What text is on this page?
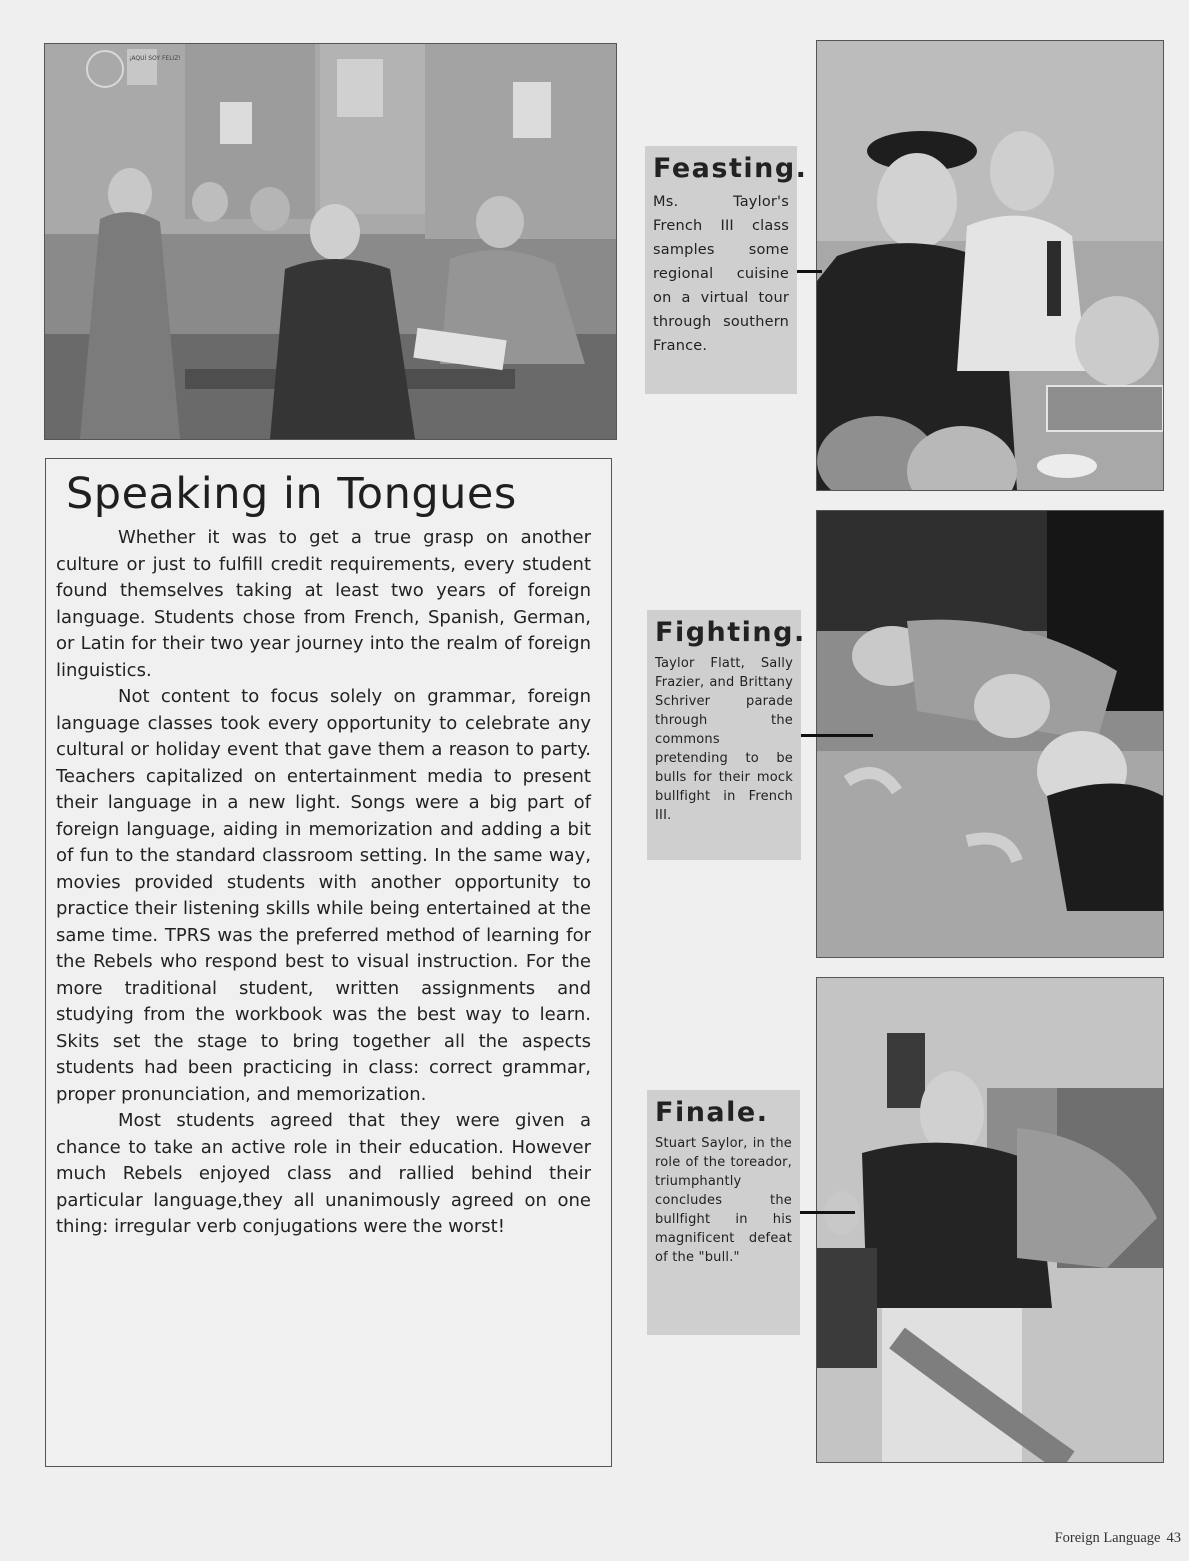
¡AQUÍ SOY FELIZ!
Speaking in Tongues

Whether it was to get a true grasp on another culture or just to fulfill credit requirements, every student found themselves taking at least two years of foreign language. Students chose from French, Spanish, German, or Latin for their two year journey into the realm of foreign linguistics.

Not content to focus solely on grammar, foreign language classes took every opportunity to celebrate any cultural or holiday event that gave them a reason to party. Teachers capitalized on entertainment media to present their language in a new light. Songs were a big part of foreign language, aiding in memorization and adding a bit of fun to the standard classroom setting. In the same way, movies provided students with another opportunity to practice their listening skills while being entertained at the same time. TPRS was the preferred method of learning for the Rebels who respond best to visual instruction. For the more traditional student, written assignments and studying from the workbook was the best way to learn. Skits set the stage to bring together all the aspects students had been practicing in class: correct grammar, proper pronunciation, and memorization.

Most students agreed that they were given a chance to take an active role in their education. However much Rebels enjoyed class and rallied behind their particular language,they all unanimously agreed on one thing: irregular verb conjugations were the worst!

Feasting.
Ms. Taylor's French III class samples some regional cuisine on a virtual tour through southern France.
Fighting.
Taylor Flatt, Sally Frazier, and Brittany Schriver parade through the commons pretending to be bulls for their mock bullfight in French III.
Finale.
Stuart Saylor, in the role of the toreador, triumphantly concludes the bullfight in his magnificent defeat of the "bull."
Foreign Language 43
